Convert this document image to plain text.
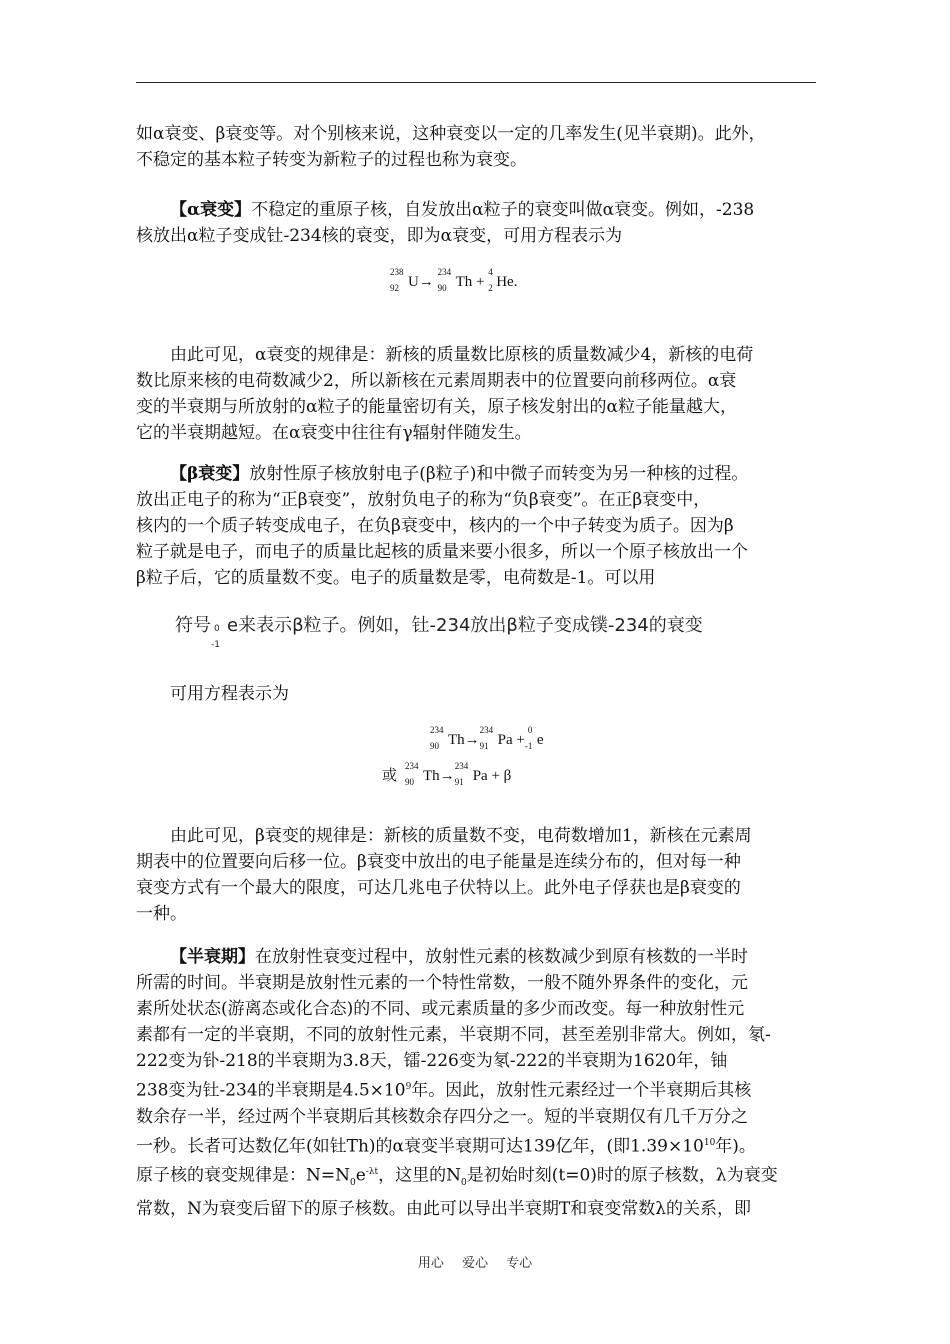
如α衰变、β衰变等。对个别核来说，这种衰变以一定的几率发生(见半衰期)。此外，
不稳定的基本粒子转变为新粒子的过程也称为衰变。
【α衰变】不稳定的重原子核，自发放出α粒子的衰变叫做α衰变。例如，-238
核放出α粒子变成钍-234核的衰变，即为α衰变，可用方程表示为
238
92 U→
234
90 Th +
4
2 He.
由此可见，α衰变的规律是：新核的质量数比原核的质量数减少4，新核的电荷
数比原来核的电荷数减少2，所以新核在元素周期表中的位置要向前移两位。α衰
变的半衰期与所放射的α粒子的能量密切有关，原子核发射出的α粒子能量越大，
它的半衰期越短。在α衰变中往往有γ辐射伴随发生。
【β衰变】放射性原子核放射电子(β粒子)和中微子而转变为另一种核的过程。
放出正电子的称为“正β衰变”，放射负电子的称为“负β衰变”。在正β衰变中，
核内的一个质子转变成电子，在负β衰变中，核内的一个中子转变为质子。因为β
粒子就是电子，而电子的质量比起核的质量来要小很多，所以一个原子核放出一个
β粒子后，它的质量数不变。电子的质量数是零，电荷数是-1。可以用
符号 0
-1
e来表示β粒子。例如，钍-234放出β粒子变成镤-234的衰变
可用方程表示为
234
90 Th→
234
91 Pa +
0
-1 e
或 234
90 Th→
234
91 Pa + β
由此可见，β衰变的规律是：新核的质量数不变，电荷数增加1，新核在元素周
期表中的位置要向后移一位。β衰变中放出的电子能量是连续分布的，但对每一种
衰变方式有一个最大的限度，可达几兆电子伏特以上。此外电子俘获也是β衰变的
一种。
【半衰期】在放射性衰变过程中，放射性元素的核数减少到原有核数的一半时
所需的时间。半衰期是放射性元素的一个特性常数，一般不随外界条件的变化，元
素所处状态(游离态或化合态)的不同、或元素质量的多少而改变。每一种放射性元
素都有一定的半衰期，不同的放射性元素，半衰期不同，甚至差别非常大。例如，氡-
222变为钋-218的半衰期为3.8天，镭-226变为氡-222的半衰期为1620年，铀
238变为钍-234的半衰期是$4.5\times 10^9$年。因此，放射性元素经过一个半衰期后其核
数余存一半，经过两个半衰期后其核数余存四分之一。短的半衰期仅有几千万分之
一秒。长者可达数亿年(如钍Th)的α衰变半衰期可达139亿年，(即$1.39\times 10^{10}$年)。
原子核的衰变规律是：$N=N_0e^{-\lambda t}$，这里的$N_0$是初始时刻(t=0)时的原子核数，λ为衰变
常数，N为衰变后留下的原子核数。由此可以导出半衰期T和衰变常数λ的关系，即
用心 爱心 专心
